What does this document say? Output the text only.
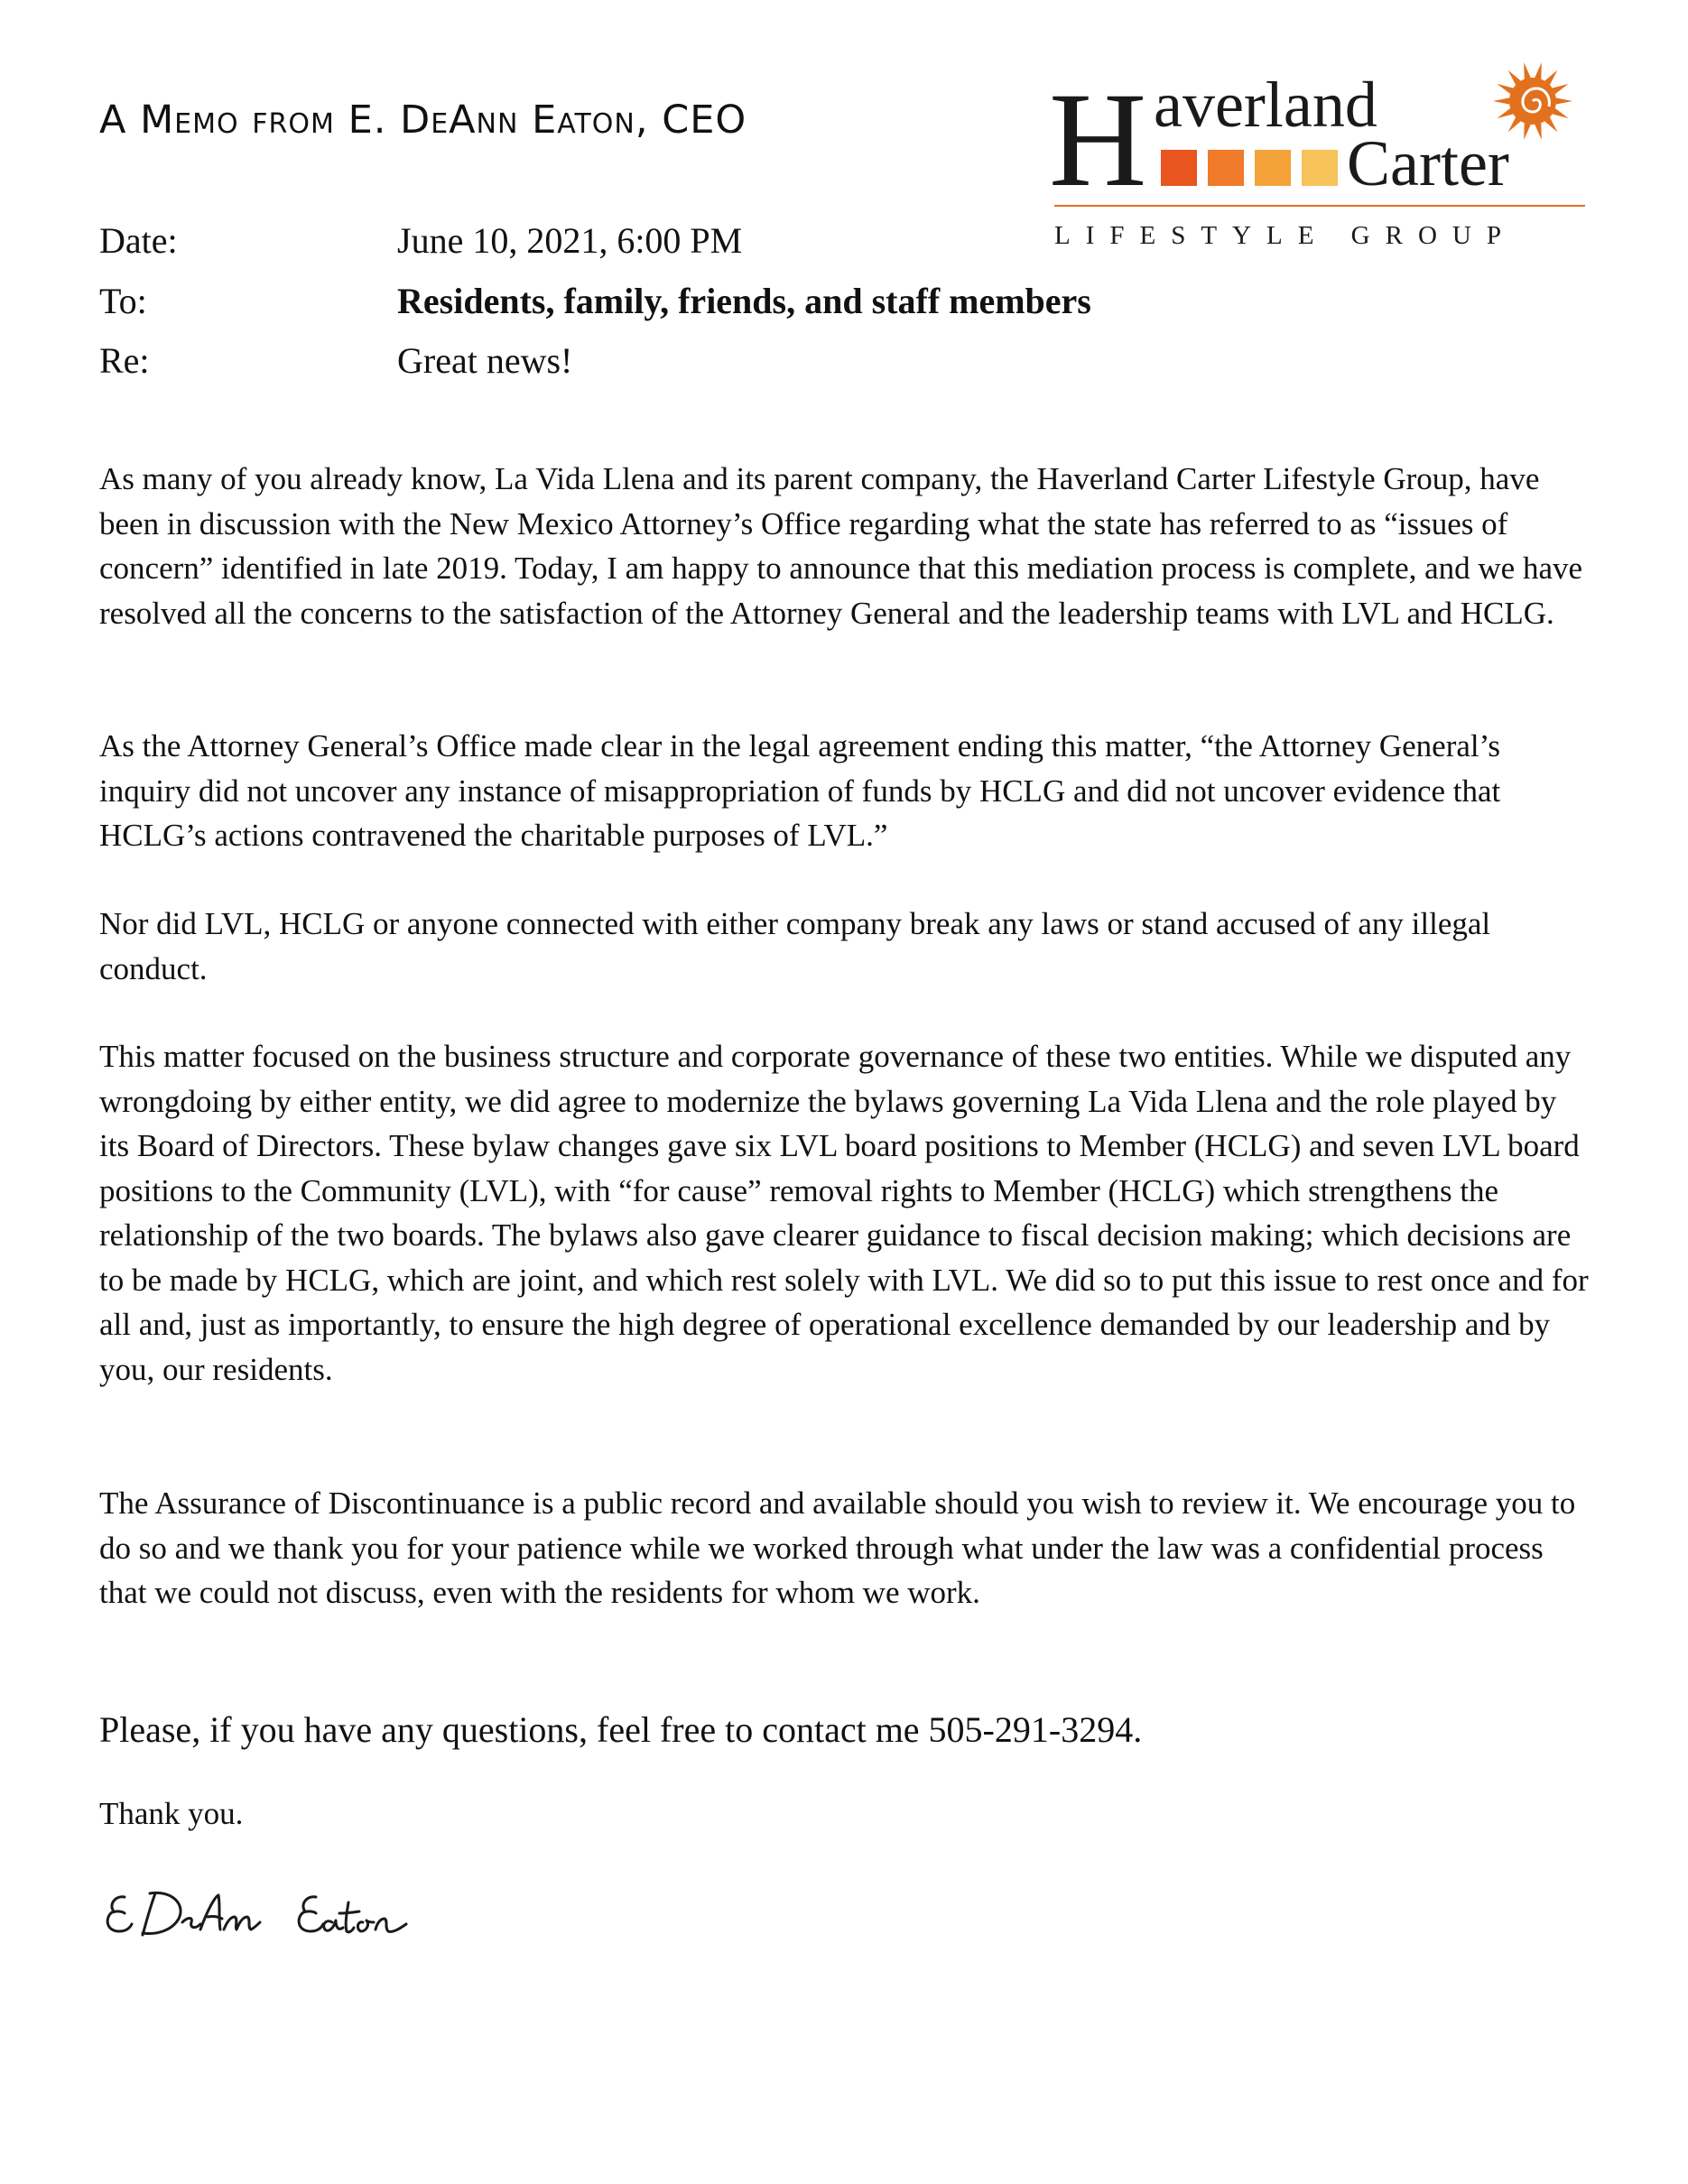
A Memo from E. DeAnn Eaton, CEO H averland
Carter
LIFESTYLE GROUP
Date:	June 10, 2021, 6:00 PM
To:	Residents, family, friends, and staff members
Re:	Great news!

As many of you already know, La Vida Llena and its parent company, the Haverland Carter Lifestyle Group, have been in discussion with the New Mexico Attorney’s Office regarding what the state has referred to as “issues of concern” identified in late 2019. Today, I am happy to announce that this mediation process is complete, and we have resolved all the concerns to the satisfaction of the Attorney General and the leadership teams with LVL and HCLG.

As the Attorney General’s Office made clear in the legal agreement ending this matter, “the Attorney General’s inquiry did not uncover any instance of misappropriation of funds by HCLG and did not uncover evidence that HCLG’s actions contravened the charitable purposes of LVL.”

Nor did LVL, HCLG or anyone connected with either company break any laws or stand accused of any illegal conduct.

This matter focused on the business structure and corporate governance of these two entities. While we disputed any wrongdoing by either entity, we did agree to modernize the bylaws governing La Vida Llena and the role played by its Board of Directors. These bylaw changes gave six LVL board positions to Member (HCLG) and seven LVL board positions to the Community (LVL), with “for cause” removal rights to Member (HCLG) which strengthens the relationship of the two boards. The bylaws also gave clearer guidance to fiscal decision making; which decisions are to be made by HCLG, which are joint, and which rest solely with LVL. We did so to put this issue to rest once and for all and, just as importantly, to ensure the high degree of operational excellence demanded by our leadership and by you, our residents.

The Assurance of Discontinuance is a public record and available should you wish to review it. We encourage you to do so and we thank you for your patience while we worked through what under the law was a confidential process that we could not discuss, even with the residents for whom we work.

Please, if you have any questions, feel free to contact me 505-291-3294.
Thank you.
